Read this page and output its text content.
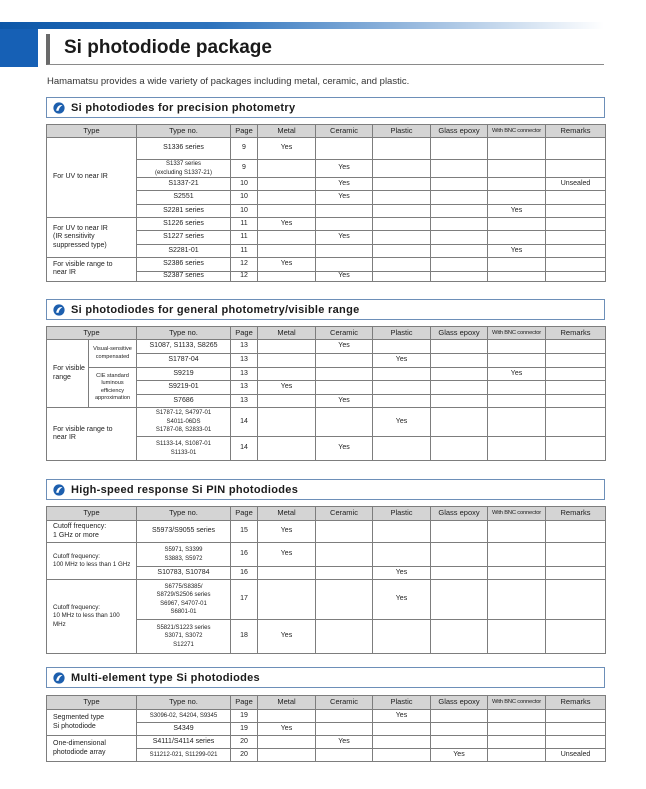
Si photodiode package
Hamamatsu provides a wide variety of packages including metal, ceramic, and plastic.
Si photodiodes for precision photometry
Type	Type no.	Page	Metal	Ceramic	Plastic	Glass epoxy	With BNC connector	Remarks
For UV to near IR	S1336 series	9	Yes					
	S1337 series
(excluding S1337-21)	9		Yes				
	S1337-21	10		Yes				Unsealed
	S2551	10		Yes				
	S2281 series	10					Yes	
For UV to near IR
(IR sensitivity
suppressed type)	S1226 series	11	Yes					
	S1227 series	11		Yes				
	S2281-01	11					Yes	
For visible range to
near IR	S2386 series	12	Yes					
	S2387 series	12		Yes				
Si photodiodes for general photometry/visible range
Type		Type no.	Page	Metal	Ceramic	Plastic	Glass epoxy	With BNC connector	Remarks
For visible
range	Visual-sensitive
compensated	S1087, S1133, S8265	13		Yes				
		S1787-04	13			Yes			
	CIE standard
luminous
efficiency
approximation	S9219	13					Yes	
		S9219-01	13	Yes					
		S7686	13		Yes				
For visible range to
near IR		S1787-12, S4797-01
S4011-06DS
S1787-08, S2833-01	14			Yes			
		S1133-14, S1087-01
S1133-01	14		Yes				
High-speed response Si PIN photodiodes
Type	Type no.	Page	Metal	Ceramic	Plastic	Glass epoxy	With BNC connector	Remarks
Cutoff frequency:
1 GHz or more	S5973/S9055 series	15	Yes					
Cutoff frequency:
100 MHz to less than 1 GHz	S5971, S3399
S3883, S5972	16	Yes					
	S10783, S10784	16			Yes			
Cutoff frequency:
10 MHz to less than 100 MHz	S6775/S8385/
S8729/S2506 series
S6967, S4707-01
S6801-01	17			Yes			
	S5821/S1223 series
S3071, S3072
S12271	18	Yes					
Multi-element type Si photodiodes
Type	Type no.	Page	Metal	Ceramic	Plastic	Glass epoxy	With BNC connector	Remarks
Segmented type
Si photodiode	S3096-02, S4204, S9345	19			Yes			
	S4349	19	Yes					
One-dimensional
photodiode array	S4111/S4114 series	20		Yes				
	S11212-021, S11299-021	20				Yes		Unsealed
